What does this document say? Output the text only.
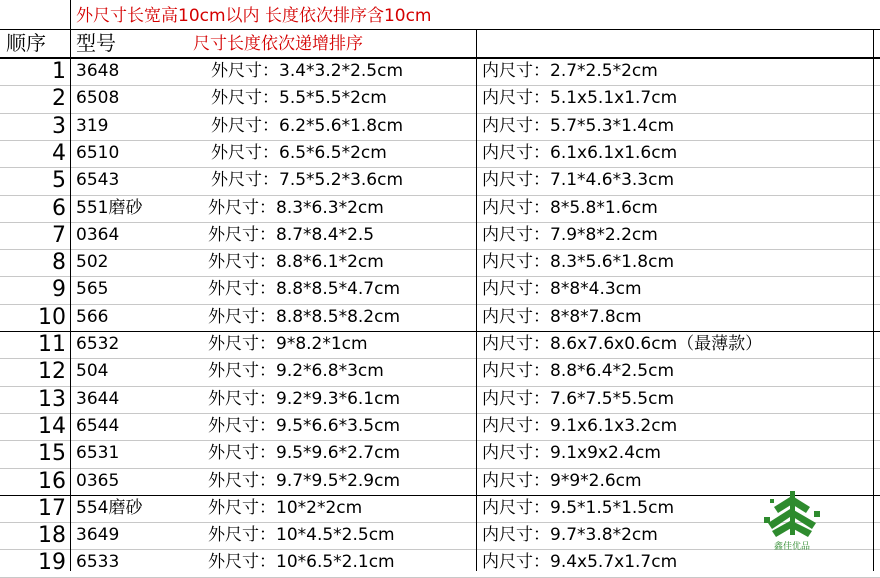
外尺寸长宽高10cm以内 长度依次排序含10cm
顺序 型号	尺寸长度依次递增排序
1 3648	外尺寸：3.4*3.2*2.5cm	内尺寸：2.7*2.5*2cm
2 6508	外尺寸：5.5*5.5*2cm	内尺寸：5.1x5.1x1.7cm
3 319	外尺寸：6.2*5.6*1.8cm	内尺寸：5.7*5.3*1.4cm
4 6510	外尺寸：6.5*6.5*2cm	内尺寸：6.1x6.1x1.6cm
5 6543	外尺寸：7.5*5.2*3.6cm	内尺寸：7.1*4.6*3.3cm
6 551磨砂	外尺寸：8.3*6.3*2cm	内尺寸：8*5.8*1.6cm
7 0364	外尺寸：8.7*8.4*2.5	内尺寸：7.9*8*2.2cm
8 502	外尺寸：8.8*6.1*2cm	内尺寸：8.3*5.6*1.8cm
9 565	外尺寸：8.8*8.5*4.7cm	内尺寸：8*8*4.3cm
10 566	外尺寸：8.8*8.5*8.2cm	内尺寸：8*8*7.8cm
11 6532	外尺寸：9*8.2*1cm	内尺寸：8.6x7.6x0.6cm（最薄款）
12 504	外尺寸：9.2*6.8*3cm	内尺寸：8.8*6.4*2.5cm
13 3644	外尺寸：9.2*9.3*6.1cm	内尺寸：7.6*7.5*5.5cm
14 6544	外尺寸：9.5*6.6*3.5cm	内尺寸：9.1x6.1x3.2cm
15 6531	外尺寸：9.5*9.6*2.7cm	内尺寸：9.1x9x2.4cm
16 0365	外尺寸：9.7*9.5*2.9cm	内尺寸：9*9*2.6cm
17 554磨砂	外尺寸：10*2*2cm	内尺寸：9.5*1.5*1.5cm
18 3649	外尺寸：10*4.5*2.5cm	内尺寸：9.7*3.8*2cm
19 6533	外尺寸：10*6.5*2.1cm	内尺寸：9.4x5.7x1.7cm
鑫佳优品
